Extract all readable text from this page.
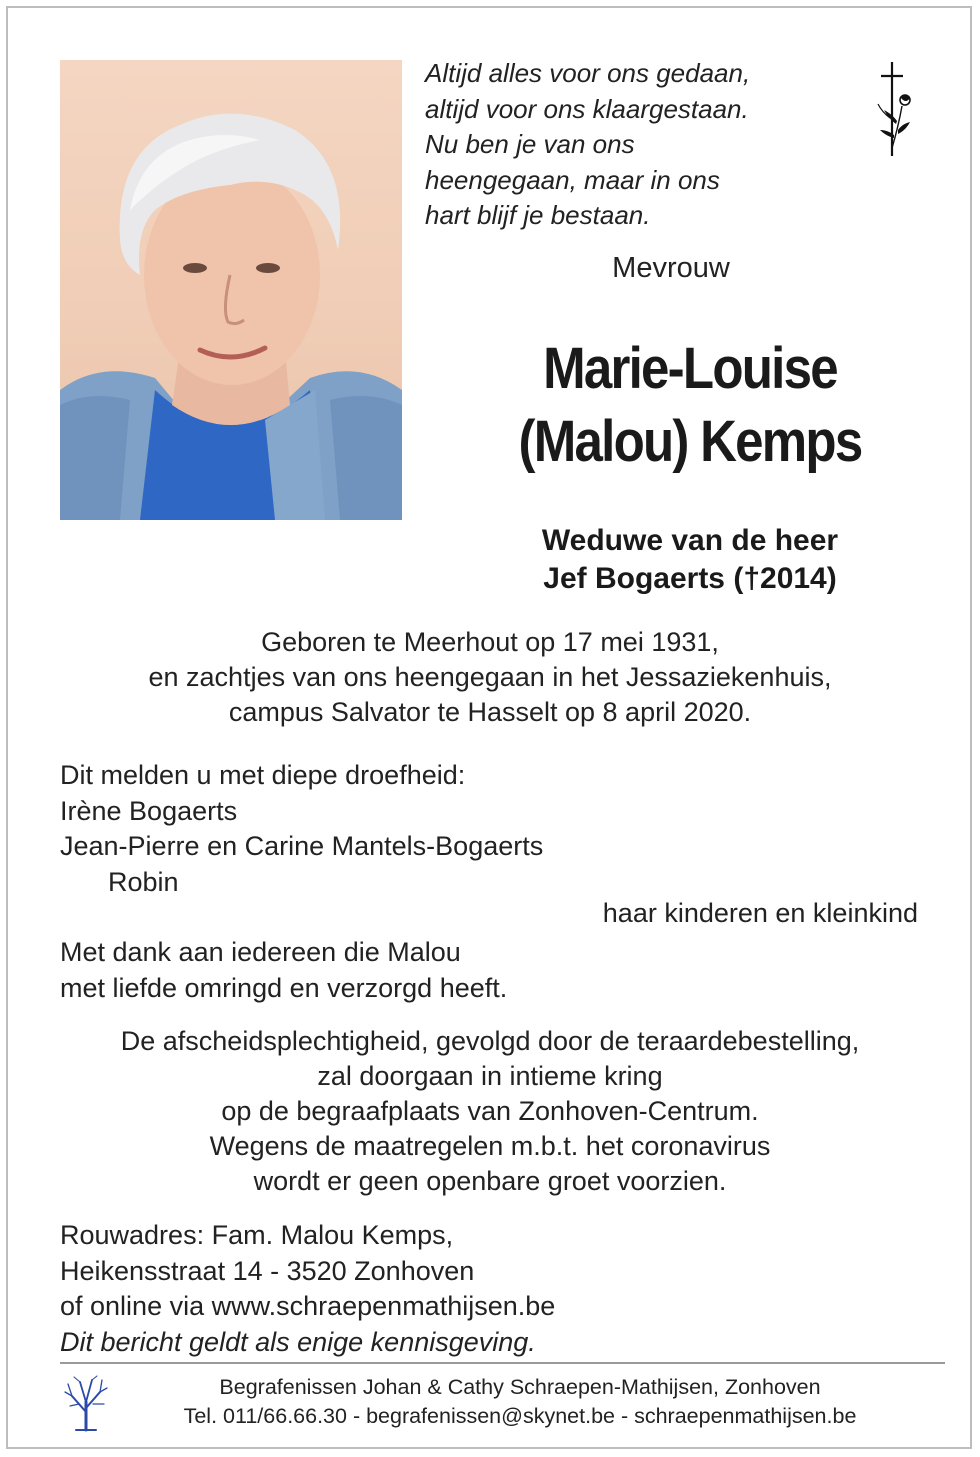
Altijd alles voor ons gedaan,
altijd voor ons klaargestaan.
Nu ben je van ons
heengegaan, maar in ons
hart blijf je bestaan.
Mevrouw
Marie-Louise
(Malou) Kemps
Weduwe van de heer
Jef Bogaerts (†2014)
Geboren te Meerhout op 17 mei 1931,
en zachtjes van ons heengegaan in het Jessaziekenhuis,
campus Salvator te Hasselt op 8 april 2020.
Dit melden u met diepe droefheid:
Irène Bogaerts
Jean-Pierre en Carine Mantels-Bogaerts
Robin
haar kinderen en kleinkind
Met dank aan iedereen die Malou
met liefde omringd en verzorgd heeft.
De afscheidsplechtigheid, gevolgd door de teraardebestelling,
zal doorgaan in intieme kring
op de begraafplaats van Zonhoven-Centrum.
Wegens de maatregelen m.b.t. het coronavirus
wordt er geen openbare groet voorzien.
Rouwadres: Fam. Malou Kemps,
Heikensstraat 14 - 3520 Zonhoven
of online via www.schraepenmathijsen.be
Dit bericht geldt als enige kennisgeving.
Begrafenissen Johan & Cathy Schraepen-Mathijsen, Zonhoven
Tel. 011/66.66.30 - begrafenissen@skynet.be - schraepenmathijsen.be
